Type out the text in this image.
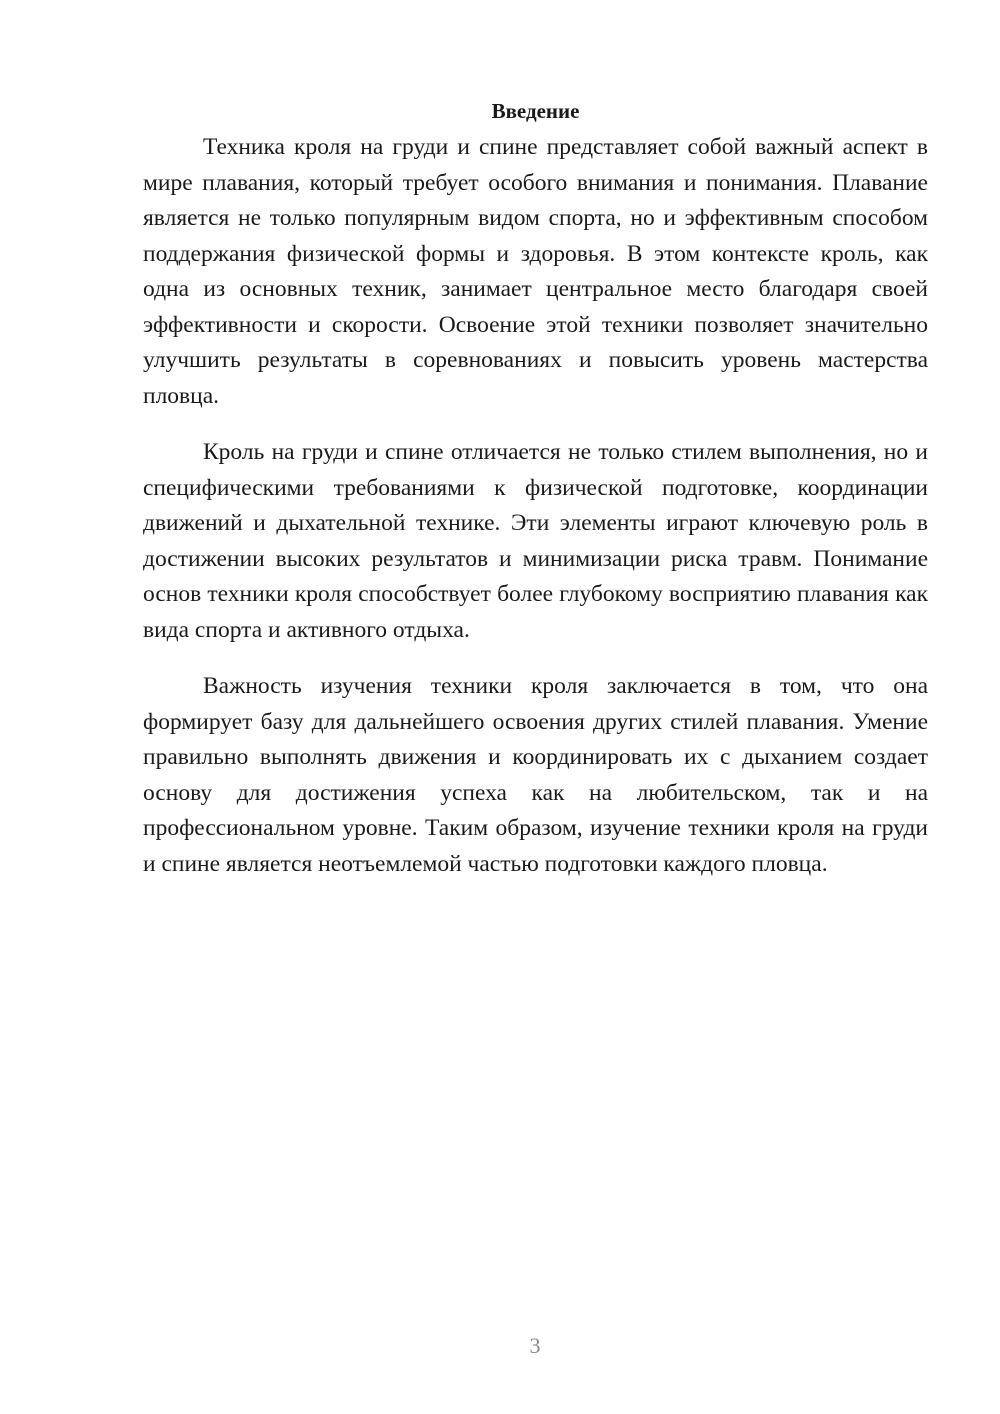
Введение

Техника кроля на груди и спине представляет собой важный аспект в мире плавания, который требует особого внимания и понимания. Плавание является не только популярным видом спорта, но и эффективным способом поддержания физической формы и здоровья. В этом контексте кроль, как одна из основных техник, занимает центральное место благодаря своей эффективности и скорости. Освоение этой техники позволяет значительно улучшить результаты в соревнованиях и повысить уровень мастерства пловца.

Кроль на груди и спине отличается не только стилем выполнения, но и специфическими требованиями к физической подготовке, координации движений и дыхательной технике. Эти элементы играют ключевую роль в достижении высоких результатов и минимизации риска травм. Понимание основ техники кроля способствует более глубокому восприятию плавания как вида спорта и активного отдыха.

Важность изучения техники кроля заключается в том, что она формирует базу для дальнейшего освоения других стилей плавания. Умение правильно выполнять движения и координировать их с дыханием создает основу для достижения успеха как на любительском, так и на профессиональном уровне. Таким образом, изучение техники кроля на груди и спине является неотъемлемой частью подготовки каждого пловца.

3
